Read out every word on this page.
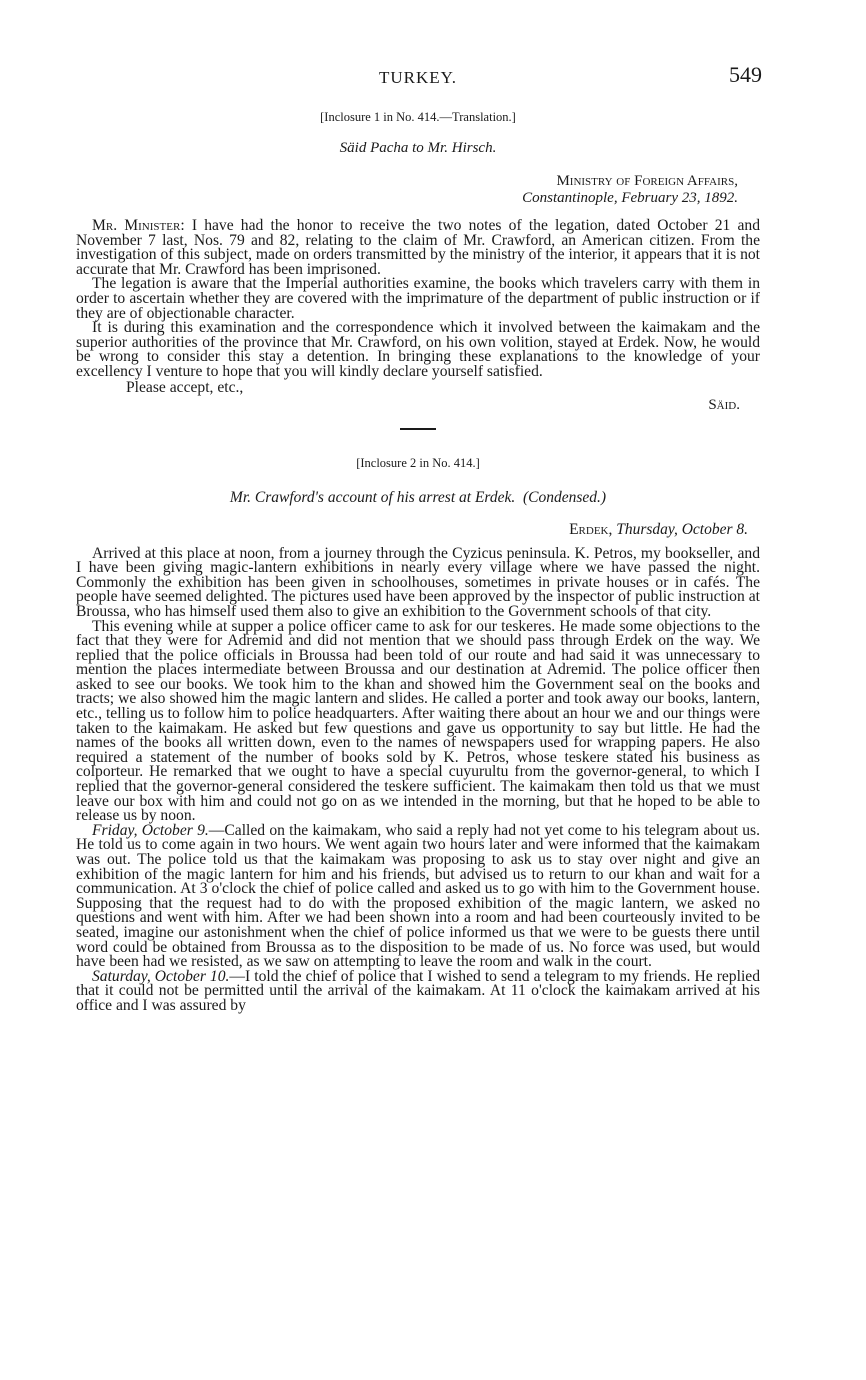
TURKEY.	549
[Inclosure 1 in No. 414.—Translation.]
Säid Pacha to Mr. Hirsch.
Ministry of Foreign Affairs,
Constantinople, February 23, 1892.

Mr. Minister: I have had the honor to receive the two notes of the legation, dated October 21 and November 7 last, Nos. 79 and 82, relating to the claim of Mr. Crawford, an American citizen. From the investigation of this subject, made on orders transmitted by the ministry of the interior, it appears that it is not accurate that Mr. Crawford has been imprisoned.

The legation is aware that the Imperial authorities examine, the books which travelers carry with them in order to ascertain whether they are covered with the imprimature of the department of public instruction or if they are of objectionable character.

It is during this examination and the correspondence which it involved between the kaimakam and the superior authorities of the province that Mr. Crawford, on his own volition, stayed at Erdek. Now, he would be wrong to consider this stay a detention. In bringing these explanations to the knowledge of your excellency I venture to hope that you will kindly declare yourself satisfied.

Please accept, etc.,
Säid.
[Inclosure 2 in No. 414.]
Mr. Crawford's account of his arrest at Erdek. (Condensed.)
Erdek, Thursday, October 8.

Arrived at this place at noon, from a journey through the Cyzicus peninsula. K. Petros, my bookseller, and I have been giving magic-lantern exhibitions in nearly every village where we have passed the night. Commonly the exhibition has been given in schoolhouses, sometimes in private houses or in cafés. The people have seemed delighted. The pictures used have been approved by the inspector of public instruction at Broussa, who has himself used them also to give an exhibition to the Government schools of that city.

This evening while at supper a police officer came to ask for our teskeres. He made some objections to the fact that they were for Adremid and did not mention that we should pass through Erdek on the way. We replied that the police officials in Broussa had been told of our route and had said it was unnecessary to mention the places intermediate between Broussa and our destination at Adremid. The police officer then asked to see our books. We took him to the khan and showed him the Government seal on the books and tracts; we also showed him the magic lantern and slides. He called a porter and took away our books, lantern, etc., telling us to follow him to police headquarters. After waiting there about an hour we and our things were taken to the kaimakam. He asked but few questions and gave us opportunity to say but little. He had the names of the books all written down, even to the names of newspapers used for wrapping papers. He also required a statement of the number of books sold by K. Petros, whose teskere stated his business as colporteur. He remarked that we ought to have a special cuyurultu from the governor-general, to which I replied that the governor-general considered the teskere sufficient. The kaimakam then told us that we must leave our box with him and could not go on as we intended in the morning, but that he hoped to be able to release us by noon.

Friday, October 9.—Called on the kaimakam, who said a reply had not yet come to his telegram about us. He told us to come again in two hours. We went again two hours later and were informed that the kaimakam was out. The police told us that the kaimakam was proposing to ask us to stay over night and give an exhibition of the magic lantern for him and his friends, but advised us to return to our khan and wait for a communication. At 3 o'clock the chief of police called and asked us to go with him to the Government house. Supposing that the request had to do with the proposed exhibition of the magic lantern, we asked no questions and went with him. After we had been shown into a room and had been courteously invited to be seated, imagine our astonishment when the chief of police informed us that we were to be guests there until word could be obtained from Broussa as to the disposition to be made of us. No force was used, but would have been had we resisted, as we saw on attempting to leave the room and walk in the court.

Saturday, October 10.—I told the chief of police that I wished to send a telegram to my friends. He replied that it could not be permitted until the arrival of the kaimakam. At 11 o'clock the kaimakam arrived at his office and I was assured by
